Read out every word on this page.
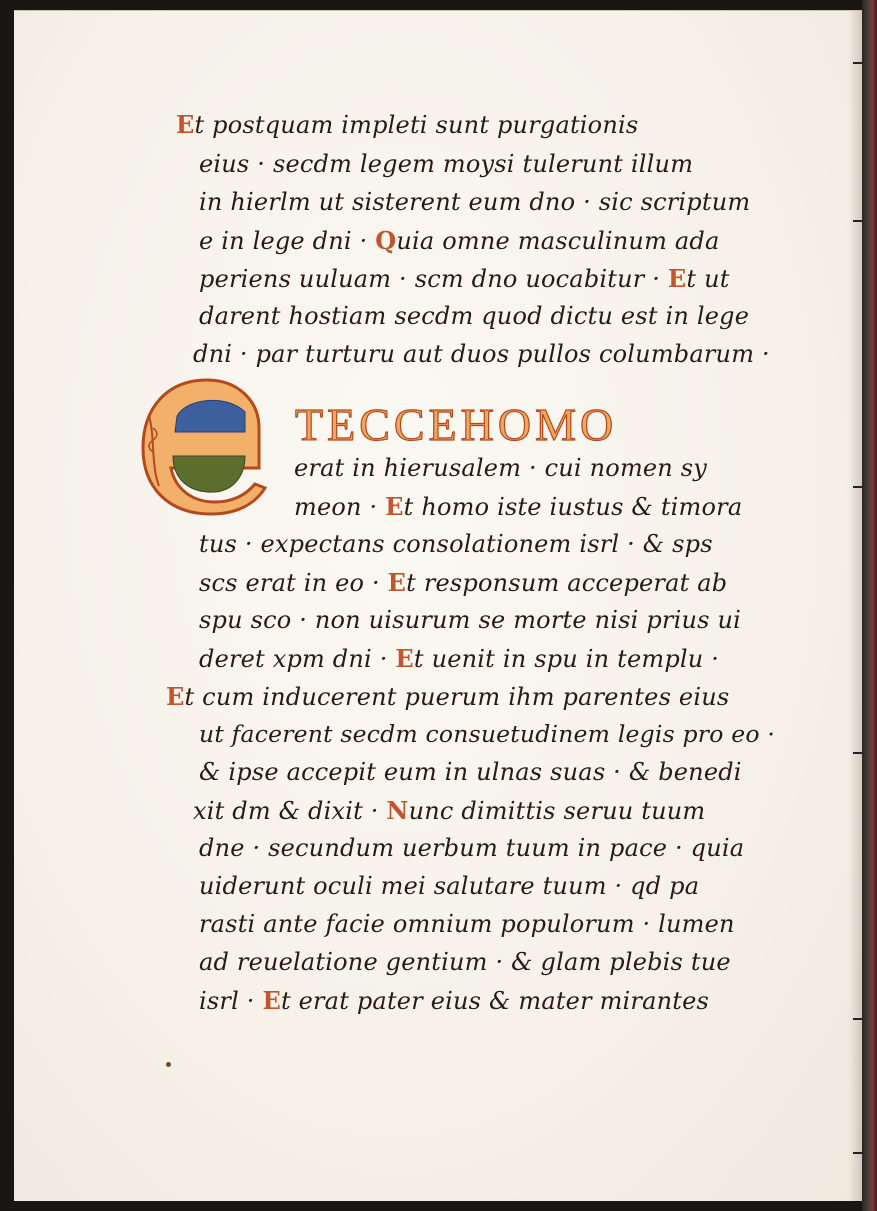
Et postquam impleti sunt purgationis
eius · secdm legem moysi tulerunt illum
in hierlm ut sisterent eum dno · sic scriptum
e in lege dni · Quia omne masculinum ada
periens uuluam · scm dno uocabitur · Et ut
darent hostiam secdm quod dictu est in lege
dni · par turturu aut duos pullos columbarum ·
TECCEHOMO
erat in hierusalem · cui nomen sy
meon · Et homo iste iustus & timora
tus · expectans consolationem isrl · & sps
scs erat in eo · Et responsum acceperat ab
spu sco · non uisurum se morte nisi prius ui
deret xpm dni · Et uenit in spu in templu ·
Et cum inducerent puerum ihm parentes eius
ut facerent secdm consuetudinem legis pro eo ·
& ipse accepit eum in ulnas suas · & benedi
xit dm & dixit · Nunc dimittis seruu tuum
dne · secundum uerbum tuum in pace · quia
uiderunt oculi mei salutare tuum · qd pa
rasti ante facie omnium populorum · lumen
ad reuelatione gentium · & glam plebis tue
isrl · Et erat pater eius & mater mirantes
